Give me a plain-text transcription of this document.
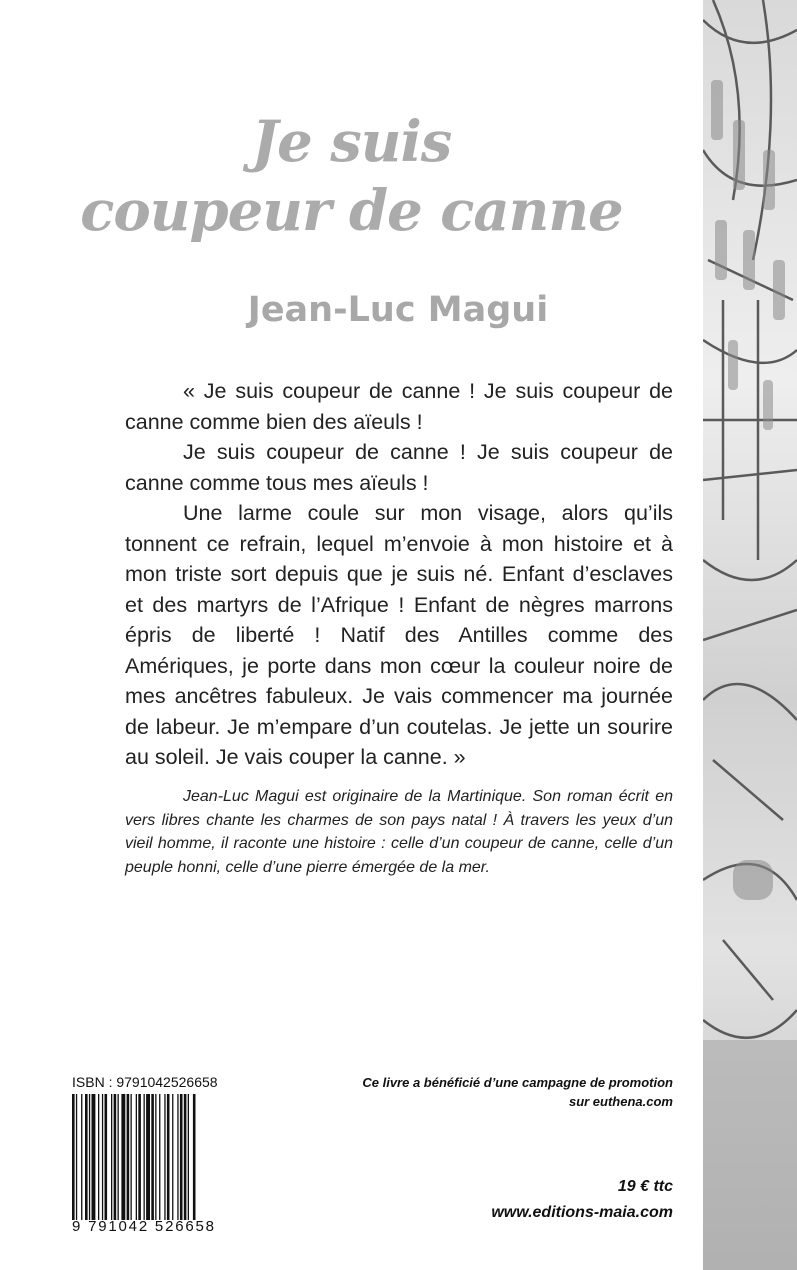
Je suis
coupeur de canne
Jean-Luc Magui

« Je suis coupeur de canne ! Je suis coupeur de canne comme bien des aïeuls !

Je suis coupeur de canne ! Je suis coupeur de canne comme tous mes aïeuls !

Une larme coule sur mon visage, alors qu’ils tonnent ce refrain, lequel m’envoie à mon histoire et à mon triste sort depuis que je suis né. Enfant d’esclaves et des martyrs de l’Afrique ! Enfant de nègres marrons épris de liberté ! Natif des Antilles comme des Amériques, je porte dans mon cœur la couleur noire de mes ancêtres fabuleux. Je vais commencer ma journée de labeur. Je m’empare d’un coutelas. Je jette un sourire au soleil. Je vais couper la canne. »

Jean-Luc Magui est originaire de la Martinique. Son roman écrit en vers libres chante les charmes de son pays natal ! À travers les yeux d’un vieil homme, il raconte une histoire : celle d’un coupeur de canne, celle d’un peuple honni, celle d’une pierre émergée de la mer.
ISBN : 9791042526658
9 791042 526658
Ce livre a bénéficié d’une campagne de promotion
sur euthena.com
19 € ttc
www.editions-maia.com
